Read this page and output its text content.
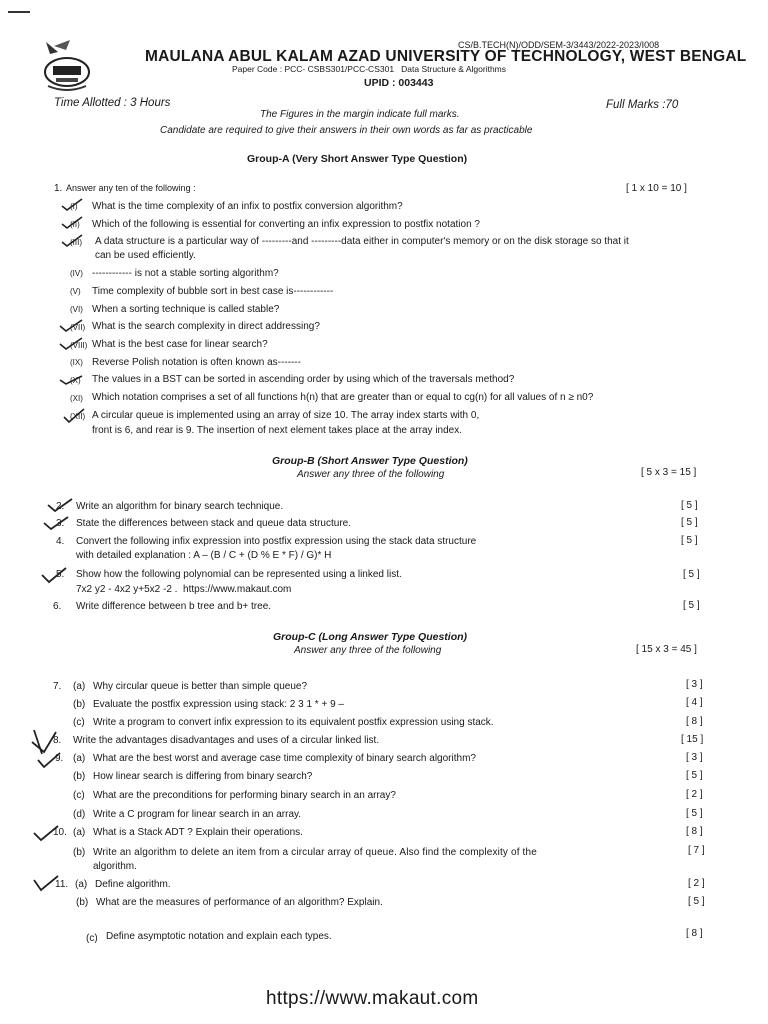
CS/B.TECH(N)/ODD/SEM-3/3443/2022-2023/I008
MAULANA ABUL KALAM AZAD UNIVERSITY OF TECHNOLOGY, WEST BENGAL
Paper Code : PCC- CSBS301/PCC-CS301 Data Structure & Algorithms
UPID : 003443
Time Allotted : 3 Hours	Full Marks :70
The Figures in the margin indicate full marks.
Candidate are required to give their answers in their own words as far as practicable
Group-A (Very Short Answer Type Question)
1. Answer any ten of the following :	[ 1 x 10 = 10 ]
(I) What is the time complexity of an infix to postfix conversion algorithm?
(II) Which of the following is essential for converting an infix expression to postfix notation ?
(III) A data structure is a particular way of ---------and ---------data either in computer's memory or on the disk storage so that it
can be used efficiently.
(IV) ------------ is not a stable sorting algorithm?
(V) Time complexity of bubble sort in best case is------------
(VI) When a sorting technique is called stable?
(VII) What is the search complexity in direct addressing?
(VIII) What is the best case for linear search?
(IX) Reverse Polish notation is often known as-------
(X) The values in a BST can be sorted in ascending order by using which of the traversals method?
(XI) Which notation comprises a set of all functions h(n) that are greater than or equal to cg(n) for all values of n ≥ n0?
(XII) A circular queue is implemented using an array of size 10. The array index starts with 0,
front is 6, and rear is 9. The insertion of next element takes place at the array index.
Group-B (Short Answer Type Question)
Answer any three of the following	[ 5 x 3 = 15 ]
2. Write an algorithm for binary search technique.	[ 5 ]
3. State the differences between stack and queue data structure.	[ 5 ]
4. Convert the following infix expression into postfix expression using the stack data structure
with detailed explanation : A – (B / C + (D % E * F) / G)* H
[ 5 ]
5. Show how the following polynomial can be represented using a linked list.
7x2 y2 - 4x2 y+5x2 -2 . https://www.makaut.com
[ 5 ]
6. Write difference between b tree and b+ tree.	[ 5 ]
Group-C (Long Answer Type Question)
Answer any three of the following	[ 15 x 3 = 45 ]
7. (a) Why circular queue is better than simple queue?	[ 3 ]
(b) Evaluate the postfix expression using stack: 2 3 1 * + 9 –	[ 4 ]
(c) Write a program to convert infix expression to its equivalent postfix expression using stack.	[ 8 ]
8. Write the advantages disadvantages and uses of a circular linked list.	[ 15 ]
9. (a) What are the best worst and average case time complexity of binary search algorithm?	[ 3 ]
(b) How linear search is differing from binary search?	[ 5 ]
(c) What are the preconditions for performing binary search in an array?	[ 2 ]
(d) Write a C program for linear search in an array.	[ 5 ]
10. (a) What is a Stack ADT ? Explain their operations.	[ 8 ]
(b) Write an algorithm to delete an item from a circular array of queue. Also find the complexity of the
algorithm.
[ 7 ]
11. (a) Define algorithm.	[ 2 ]
(b) What are the measures of performance of an algorithm? Explain.	[ 5 ]
(c) Define asymptotic notation and explain each types.	[ 8 ]
https://www.makaut.com
